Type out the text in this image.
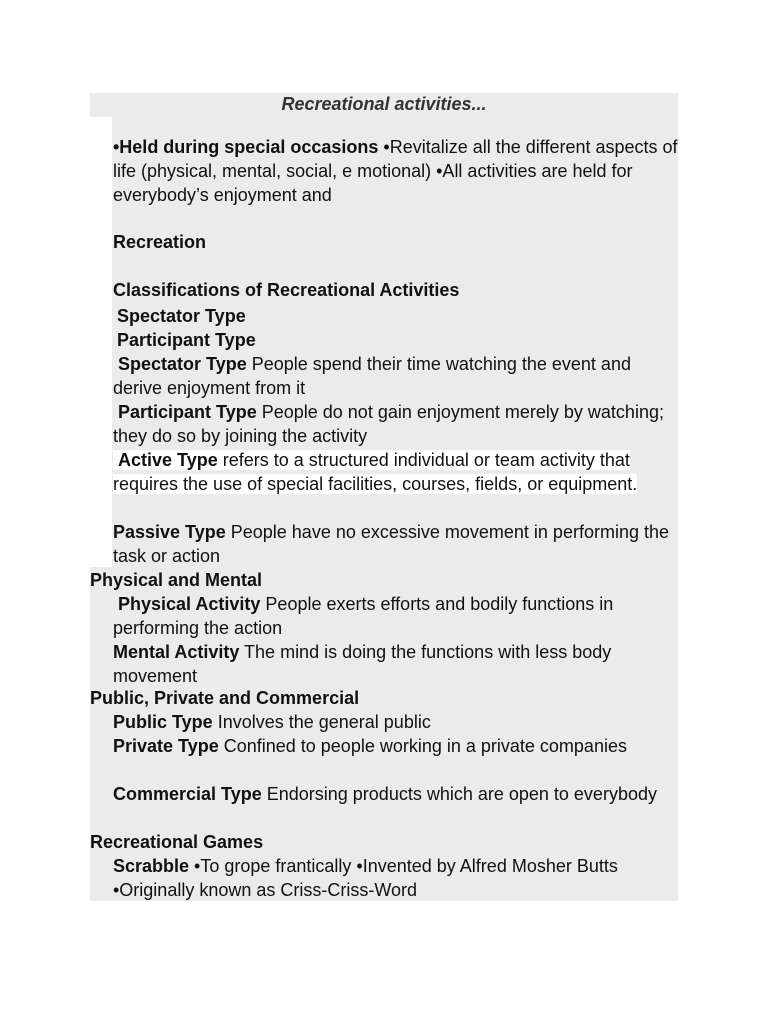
Recreational activities...
•Held during special occasions •Revitalize all the different aspects of life (physical, mental, social, e motional) •All activities are held for everybody’s enjoyment and
Recreation
Classifications of Recreational Activities
Spectator Type
Participant Type
Spectator Type People spend their time watching the event and derive enjoyment from it
Participant Type People do not gain enjoyment merely by watching; they do so by joining the activity
Active Type refers to a structured individual or team activity that requires the use of special facilities, courses, fields, or equipment.
Passive Type People have no excessive movement in performing the task or action
Physical and Mental
Physical Activity People exerts efforts and bodily functions in performing the action
Mental Activity The mind is doing the functions with less body movement
Public, Private and Commercial
Public Type Involves the general public
Private Type Confined to people working in a private companies
Commercial Type Endorsing products which are open to everybody
Recreational Games
Scrabble •To grope frantically •Invented by Alfred Mosher Butts •Originally known as Criss-Criss-Word
